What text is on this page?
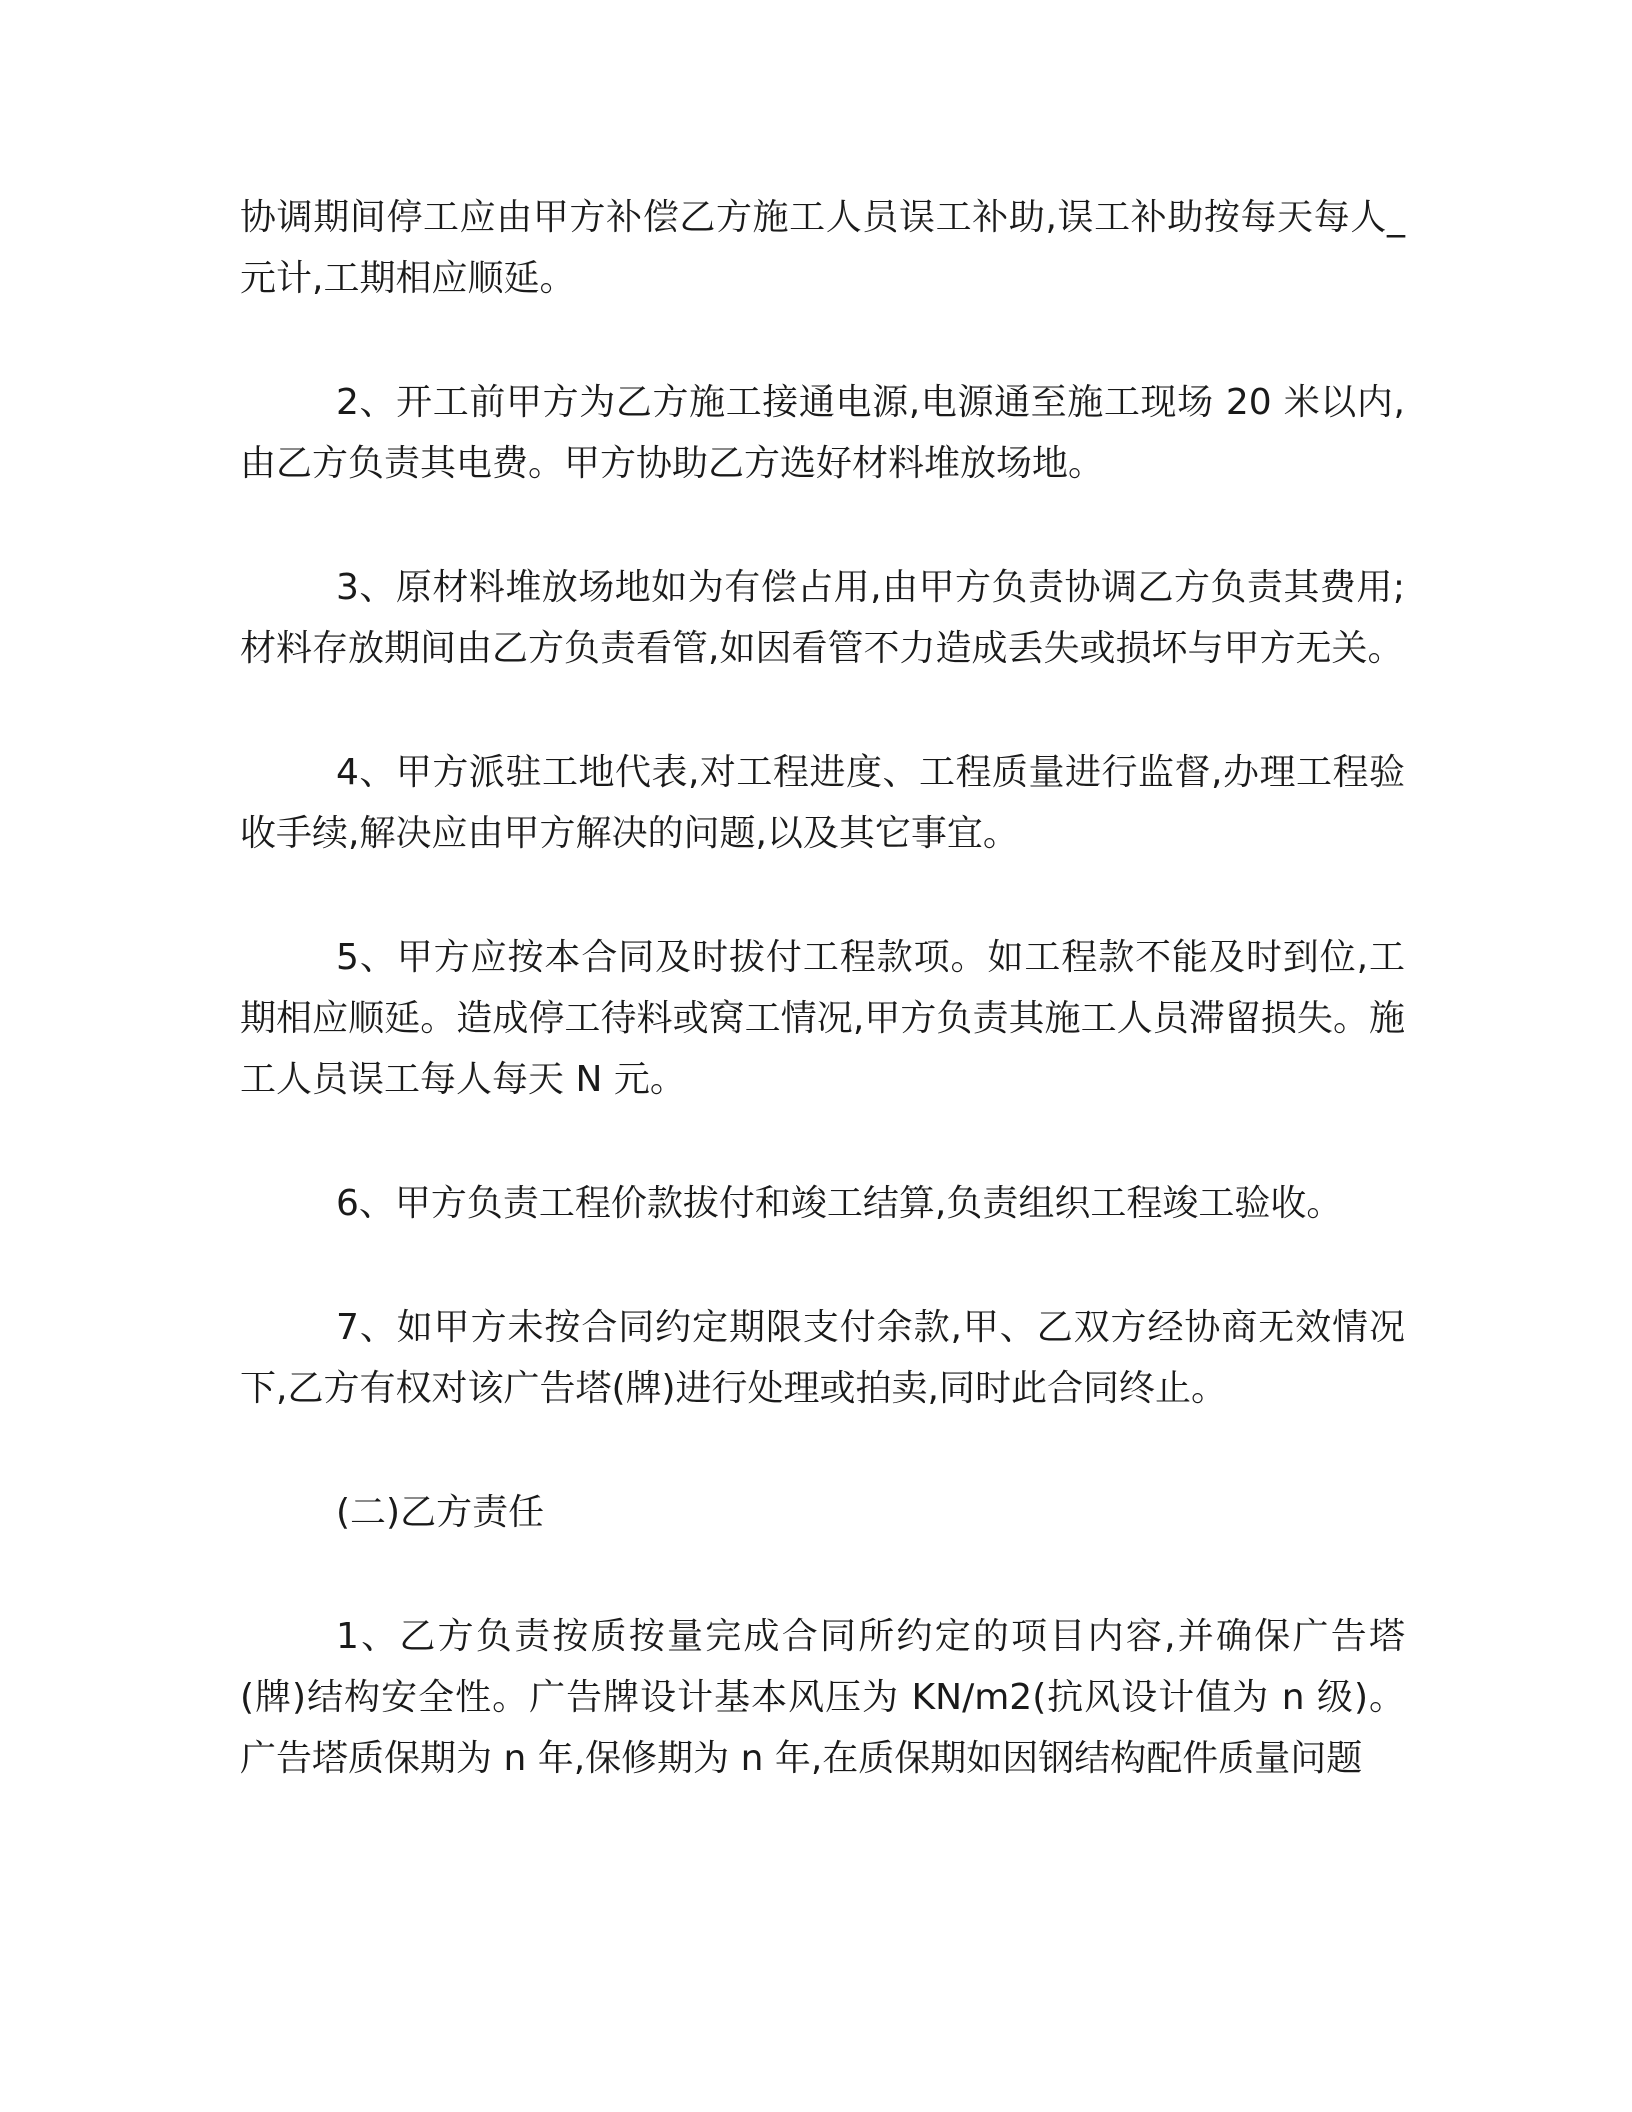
协调期间停工应由甲方补偿乙方施工人员误工补助,误工补助按每天每人_元计,工期相应顺延。

2、开工前甲方为乙方施工接通电源,电源通至施工现场 20 米以内,由乙方负责其电费。甲方协助乙方选好材料堆放场地。

3、原材料堆放场地如为有偿占用,由甲方负责协调乙方负责其费用;材料存放期间由乙方负责看管,如因看管不力造成丢失或损坏与甲方无关。

4、甲方派驻工地代表,对工程进度、工程质量进行监督,办理工程验收手续,解决应由甲方解决的问题,以及其它事宜。

5、甲方应按本合同及时拔付工程款项。如工程款不能及时到位,工期相应顺延。造成停工待料或窝工情况,甲方负责其施工人员滞留损失。施工人员误工每人每天 N 元。

6、甲方负责工程价款拔付和竣工结算,负责组织工程竣工验收。

7、如甲方未按合同约定期限支付余款,甲、乙双方经协商无效情况下,乙方有权对该广告塔(牌)进行处理或拍卖,同时此合同终止。

(二)乙方责任

1、乙方负责按质按量完成合同所约定的项目内容,并确保广告塔(牌)结构安全性。广告牌设计基本风压为 KN/m2(抗风设计值为 n 级)。广告塔质保期为 n 年,保修期为 n 年,在质保期如因钢结构配件质量问题
